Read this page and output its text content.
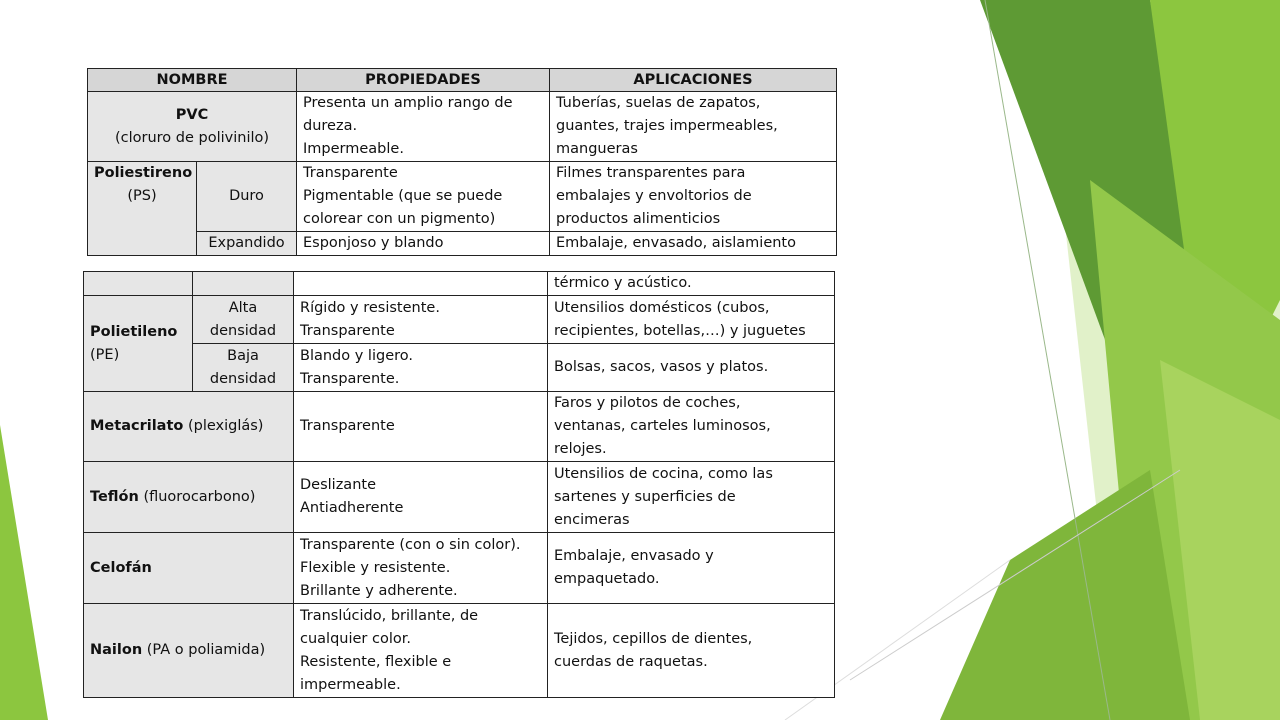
NOMBRE		PROPIEDADES	APLICACIONES

PVC
(cloruro de polivinilo)		Presenta un amplio rango de
dureza.
Impermeable.	Tuberías, suelas de zapatos,
guantes, trajes impermeables,
mangueras

Poliestireno
(PS)	Duro	Transparente
Pigmentable (que se puede
colorear con un pigmento)	Filmes transparentes para
embalajes y envoltorios de
productos alimenticios

	Expandido	Esponjoso y blando	Embalaje, envasado, aislamiento
			térmico y acústico.

Polietileno
(PE)	Alta
densidad	Rígido y resistente.
Transparente	Utensilios domésticos (cubos,
recipientes, botellas,…) y juguetes

	Baja
densidad	Blando y ligero.
Transparente.	Bolsas, sacos, vasos y platos.
Metacrilato (plexiglás)		Transparente	Faros y pilotos de coches,
ventanas, carteles luminosos,
relojes.

Teflón (fluorocarbono)		Deslizante
Antiadherente	Utensilios de cocina, como las
sartenes y superficies de
encimeras

Celofán		Transparente (con o sin color).
Flexible y resistente.
Brillante y adherente.	Embalaje, envasado y
empaquetado.

Nailon (PA o poliamida)		Translúcido, brillante, de
cualquier color.
Resistente, flexible e
impermeable.	Tejidos, cepillos de dientes,
cuerdas de raquetas.
